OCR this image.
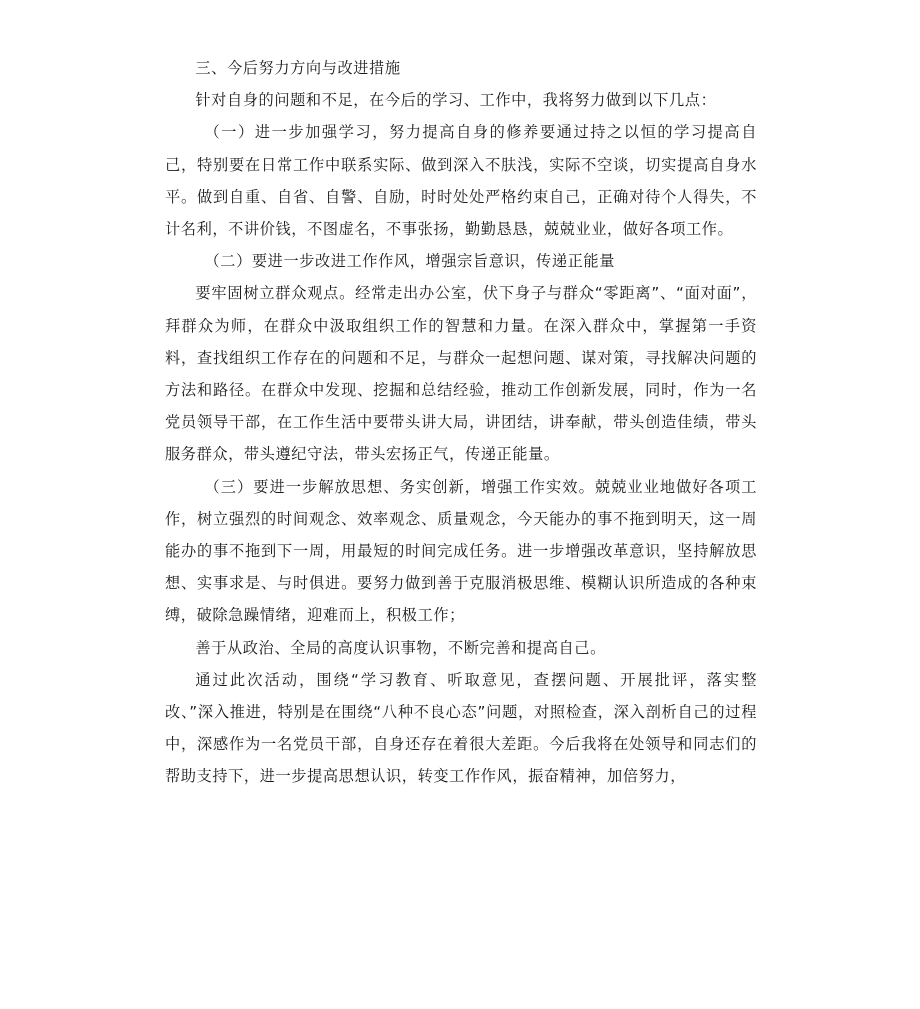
三、今后努力方向与改进措施

针对自身的问题和不足，在今后的学习、工作中，我将努力做到以下几点：

（一）进一步加强学习，努力提高自身的修养要通过持之以恒的学习提高自己，特别要在日常工作中联系实际、做到深入不肤浅，实际不空谈，切实提高自身水平。做到自重、自省、自警、自励，时时处处严格约束自己，正确对待个人得失，不计名利，不讲价钱，不图虚名，不事张扬，勤勤恳恳，兢兢业业，做好各项工作。

（二）要进一步改进工作作风，增强宗旨意识，传递正能量

要牢固树立群众观点。经常走出办公室，伏下身子与群众“零距离”、“面对面”，拜群众为师，在群众中汲取组织工作的智慧和力量。在深入群众中，掌握第一手资料，查找组织工作存在的问题和不足，与群众一起想问题、谋对策，寻找解决问题的方法和路径。在群众中发现、挖掘和总结经验，推动工作创新发展，同时，作为一名党员领导干部，在工作生活中要带头讲大局，讲团结，讲奉献，带头创造佳绩，带头服务群众，带头遵纪守法，带头宏扬正气，传递正能量。

（三）要进一步解放思想、务实创新，增强工作实效。兢兢业业地做好各项工作，树立强烈的时间观念、效率观念、质量观念，今天能办的事不拖到明天，这一周能办的事不拖到下一周，用最短的时间完成任务。进一步增强改革意识，坚持解放思想、实事求是、与时俱进。要努力做到善于克服消极思维、模糊认识所造成的各种束缚，破除急躁情绪，迎难而上，积极工作；

善于从政治、全局的高度认识事物，不断完善和提高自己。

通过此次活动，围绕“学习教育、听取意见，查摆问题、开展批评，落实整改、”深入推进，特别是在围绕“八种不良心态”问题，对照检查，深入剖析自己的过程中，深感作为一名党员干部，自身还存在着很大差距。今后我将在处领导和同志们的帮助支持下，进一步提高思想认识，转变工作作风，振奋精神，加倍努力，
